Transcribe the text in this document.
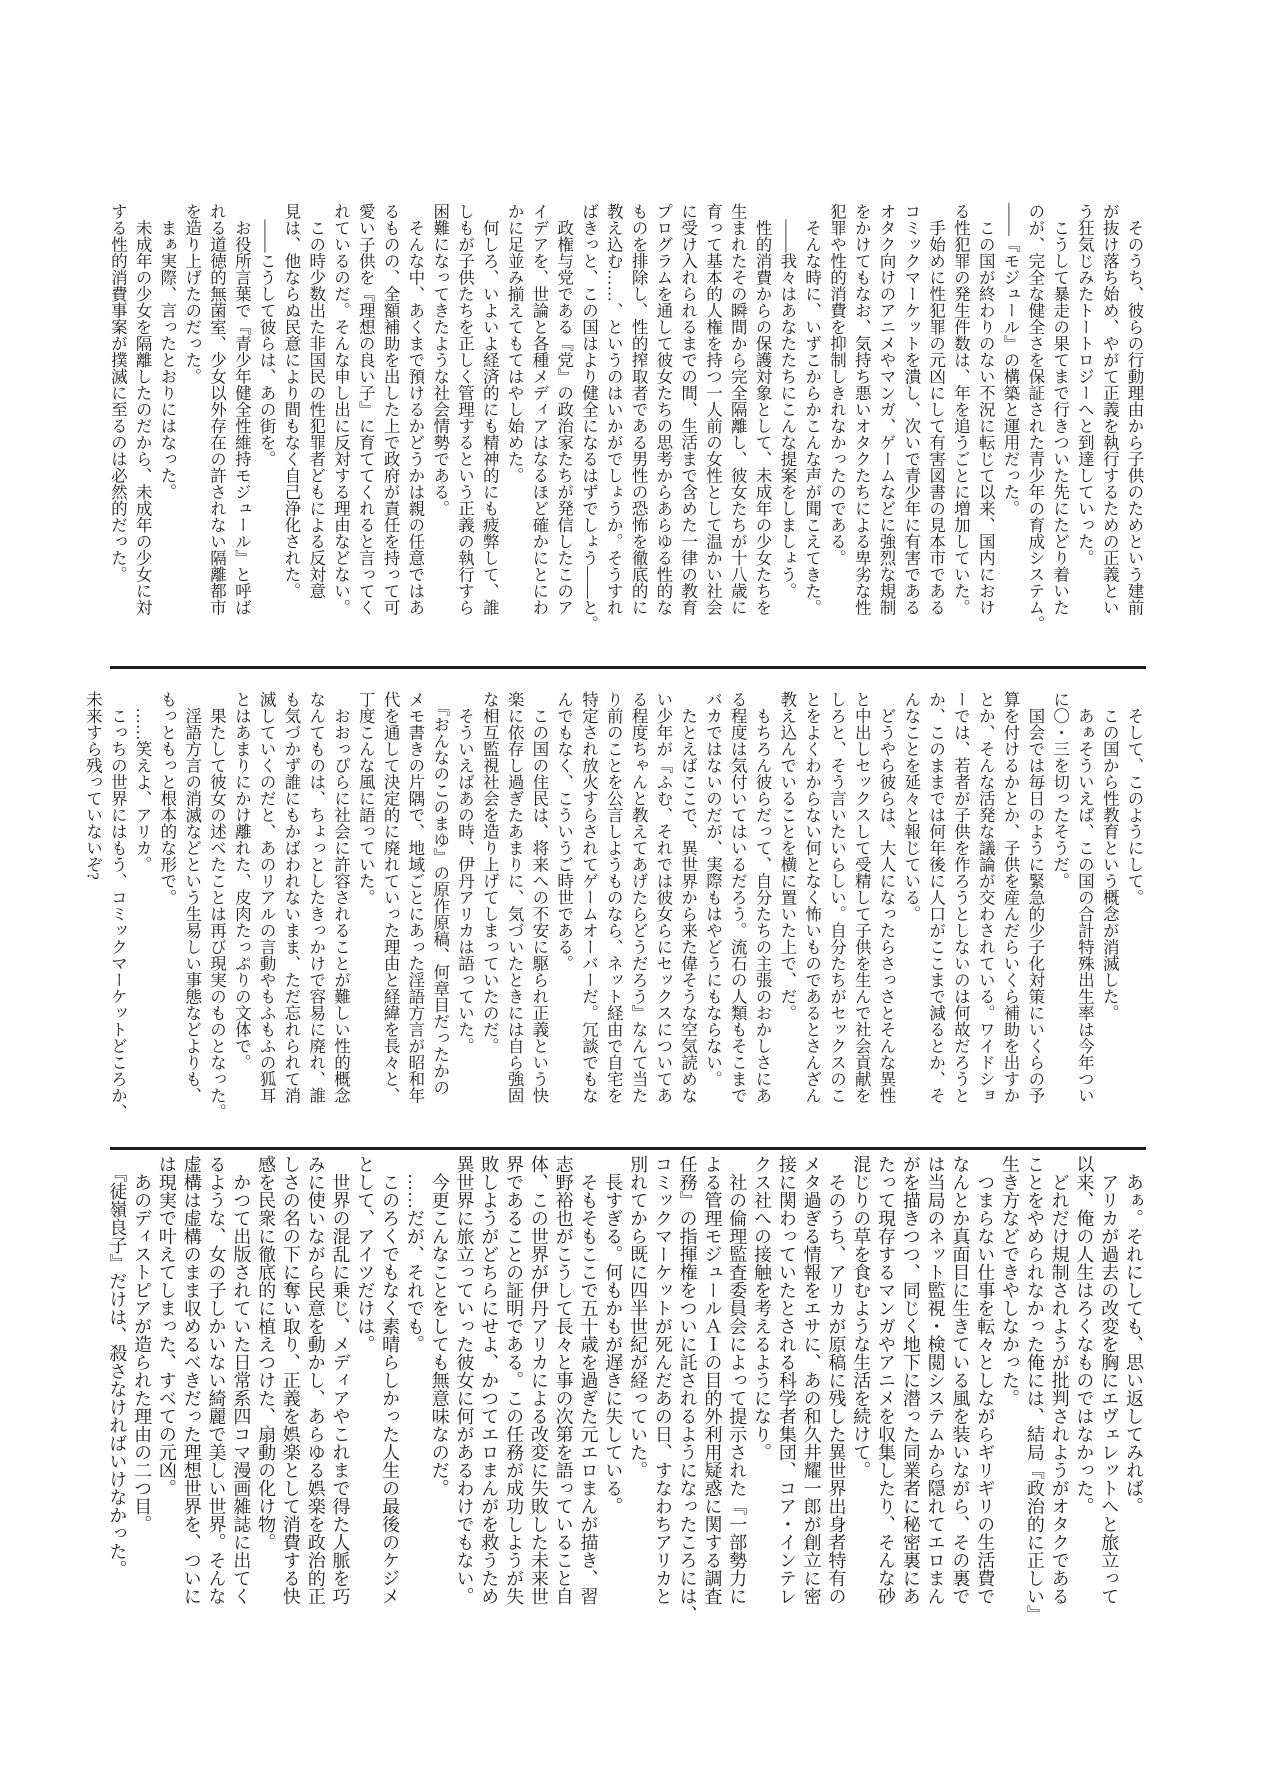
　そのうち、彼らの行動理由から子供のためという建前

が抜け落ち始め、やがて正義を執行するための正義とい

う狂気じみたトートロジーへと到達していった。

　こうして暴走の果てまで行きついた先にたどり着いた

のが、完全な健全さを保証された青少年の育成システム。

――『モジュール』の構築と運用だった。

　この国が終わりのない不況に転じて以来、国内におけ

る性犯罪の発生件数は、年を追うごとに増加していた。

　手始めに性犯罪の元凶にして有害図書の見本市である

コミックマーケットを潰し、次いで青少年に有害である

オタク向けのアニメやマンガ、ゲームなどに強烈な規制

をかけてもなお、気持ち悪いオタクたちによる卑劣な性

犯罪や性的消費を抑制しきれなかったのである。

　そんな時に、いずこからかこんな声が聞こえてきた。

　――我々はあなたたちにこんな提案をしましょう。

　性的消費からの保護対象として、未成年の少女たちを

生まれたその瞬間から完全隔離し、彼女たちが十八歳に

育って基本的人権を持つ一人前の女性として温かい社会

に受け入れられるまでの間、生活まで含めた一律の教育

プログラムを通して彼女たちの思考からあらゆる性的な

ものを排除し、性的搾取者である男性の恐怖を徹底的に

教え込む……、というのはいかがでしょうか。そうすれ

ばきっと、この国はより健全になるはずでしょう――と。

　政権与党である『党』の政治家たちが発信したこのア

イデアを、世論と各種メディアはなるほど確かにとにわ

かに足並み揃えてもてはやし始めた。

　何しろ、いよいよ経済的にも精神的にも疲弊して、誰

しもが子供たちを正しく管理するという正義の執行すら

困難になってきたような社会情勢である。

　そんな中、あくまで預けるかどうかは親の任意ではあ

るものの、全額補助を出した上で政府が責任を持って可

愛い子供を『理想の良い子』に育ててくれると言ってく

れているのだ。そんな申し出に反対する理由などない。

　この時少数出た非国民の性犯罪者どもによる反対意

見は、他ならぬ民意により間もなく自己浄化された。

　――こうして彼らは、あの街を。

　お役所言葉で『青少年健全性維持モジュール』と呼ば

れる道徳的無菌室、少女以外存在の許されない隔離都市

を造り上げたのだった。

　まぁ実際、言ったとおりにはなった。

　未成年の少女を隔離したのだから、未成年の少女に対

する性的消費事案が撲滅に至るのは必然的だった。

　そして、このようにして。

　この国から性教育という概念が消滅した。

　あぁそういえば、この国の合計特殊出生率は今年つい

に〇・三を切ったそうだ。

　国会では毎日のように緊急的少子化対策にいくらの予

算を付けるかとか、子供を産んだらいくら補助を出すか

とか、そんな活発な議論が交わされている。ワイドショ

ーでは、若者が子供を作ろうとしないのは何故だろうと

か、このままでは何年後に人口がここまで減るとか、そ

んなことを延々と報じている。

　どうやら彼らは、大人になったらさっさとそんな異性

と中出しセックスして受精して子供を生んで社会貢献を

しろと、そう言いたいらしい。自分たちがセックスのこ

とをよくわからない何となく怖いものであるとさんざん

教え込んでいることを横に置いた上で、だ。

　もちろん彼らだって、自分たちの主張のおかしさにあ

る程度は気付いてはいるだろう。流石の人類もそこまで

バカではないのだが、実際もはやどうにもならない。

　たとえばここで、異世界から来た偉そうな空気読めな

い少年が『ふむ、それでは彼女らにセックスについてあ

る程度ちゃんと教えてあげたらどうだろう』なんて当た

り前のことを公言しようものなら、ネット経由で自宅を

特定され放火すらされてゲームオーバーだ。冗談でもな

んでもなく、こういうご時世である。

　この国の住民は、将来への不安に駆られ正義という快

楽に依存し過ぎたあまりに、気づいたときには自ら強固

な相互監視社会を造り上げてしまっていたのだ。

　そういえばあの時、伊丹アリカは語っていた。

　『おんなのこのまゆ』の原作原稿、何章目だったかの

メモ書きの片隅で、地域ごとにあった淫語方言が昭和年

代を通して決定的に廃れていった理由と経緯を長々と、

丁度こんな風に語っていた。

　おおっぴらに社会に許容されることが難しい性的概念

なんてものは、ちょっとしたきっかけで容易に廃れ、誰

も気づかず誰にもかばわれないまま、ただ忘れられて消

滅していくのだと、あのリアルの言動やもふもふの狐耳

とはあまりにかけ離れた、皮肉たっぷりの文体で。

　果たして彼女の述べたことは再び現実のものとなった。

　淫語方言の消滅などという生易しい事態などよりも、

もっともっと根本的な形で。

　……笑えよ、アリカ。

　こっちの世界にはもう、コミックマーケットどころか、

未来すら残っていないぞ?

　あぁ。それにしても、思い返してみれば。

　アリカが過去の改変を胸にエヴェレットへと旅立って

以来、俺の人生はろくなものではなかった。

　どれだけ規制されようが批判されようがオタクである

ことをやめられなかった俺には、結局『政治的に正しい』

生き方などできやしなかった。

　つまらない仕事を転々としながらギリギリの生活費で

なんとか真面目に生きている風を装いながら、その裏で

は当局のネット監視・検閲システムから隠れてエロまん

がを描きつつ、同じく地下に潜った同業者に秘密裏にあ

たって現存するマンガやアニメを収集したり、そんな砂

混じりの草を食むような生活を続けて。

　そのうち、アリカが原稿に残した異世界出身者特有の

メタ過ぎる情報をエサに、あの和久井耀一郎が創立に密

接に関わっていたとされる科学者集団、コア・インテレ

クス社への接触を考えるようになり。

　社の倫理監査委員会によって提示された『一部勢力に

よる管理モジュールＡＩの目的外利用疑惑に関する調査

任務』の指揮権をついに託されるようになったころには、

コミックマーケットが死んだあの日、すなわちアリカと

別れてから既に四半世紀が経っていた。

　長すぎる。何もかもが遅きに失している。

　そもそもここで五十歳を過ぎた元エロまんが描き、習

志野裕也がこうして長々と事の次第を語っていること自

体、この世界が伊丹アリカによる改変に失敗した未来世

界であることの証明である。この任務が成功しようが失

敗しようがどちらにせよ、かつてエロまんがを救うため

異世界に旅立っていった彼女に何があるわけでもない。

　今更こんなことをしても無意味なのだ。

　……だが、それでも。

　このろくでもなく素晴らしかった人生の最後のケジメ

として、アイツだけは。

　世界の混乱に乗じ、メディアやこれまで得た人脈を巧

みに使いながら民意を動かし、あらゆる娯楽を政治的正

しさの名の下に奪い取り、正義を娯楽として消費する快

感を民衆に徹底的に植えつけた、扇動の化け物。

　かつて出版されていた日常系四コマ漫画雑誌に出てく

るような、女の子しかいない綺麗で美しい世界。そんな

虚構は虚構のまま収めるべきだった理想世界を、ついに

は現実で叶えてしまった、すべての元凶。

　あのディストピアが造られた理由の二つ目。

　『徒嶺良子』だけは、殺さなければいけなかった。
